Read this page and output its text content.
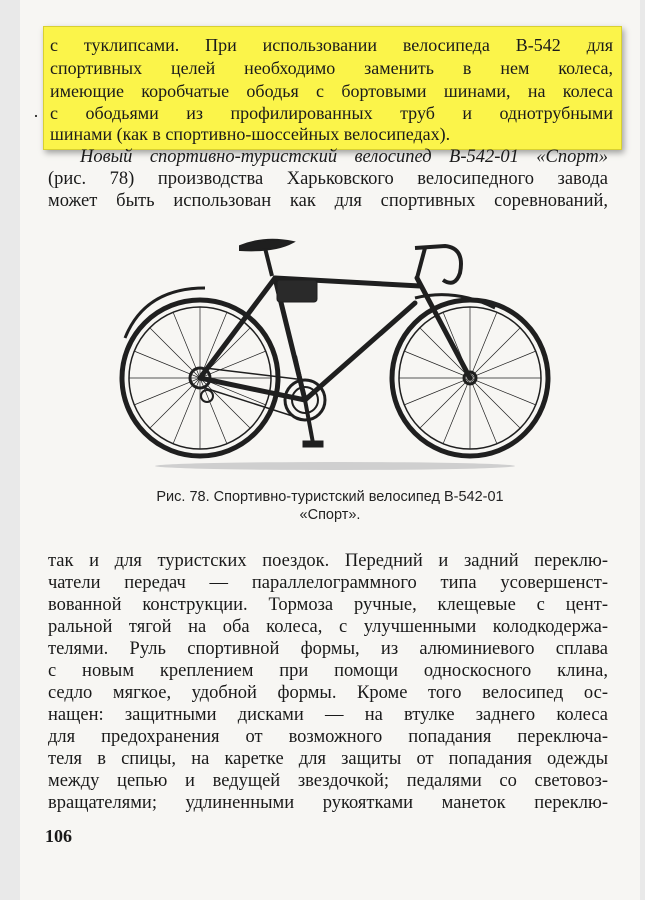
с туклипсами. При использовании велосипеда В-542 для
спортивных целей необходимо заменить в нем колеса,
имеющие коробчатые ободья с бортовыми шинами, на колеса
с ободьями из профилированных труб и однотрубными
шинами (как в спортивно-шоссейных велосипедах).
·
Новый спортивно-туристский велосипед В-542-01 «Спорт»
(рис. 78) производства Харьковского велосипедного завода
может быть использован как для спортивных соревнований,
Рис. 78. Спортивно-туристский велосипед В-542-01
«Спорт».
так и для туристских поездок. Передний и задний переклю-
чатели передач — параллелограммного типа усовершенст-
вованной конструкции. Тормоза ручные, клещевые с цент-
ральной тягой на оба колеса, с улучшенными колодкодержа-
телями. Руль спортивной формы, из алюминиевого сплава
с новым креплением при помощи односкосного клина,
седло мягкое, удобной формы. Кроме того велосипед ос-
нащен: защитными дисками — на втулке заднего колеса
для предохранения от возможного попадания переключа-
теля в спицы, на каретке для защиты от попадания одежды
между цепью и ведущей звездочкой; педалями со световоз-
вращателями; удлиненными рукоятками манеток переклю-
106
